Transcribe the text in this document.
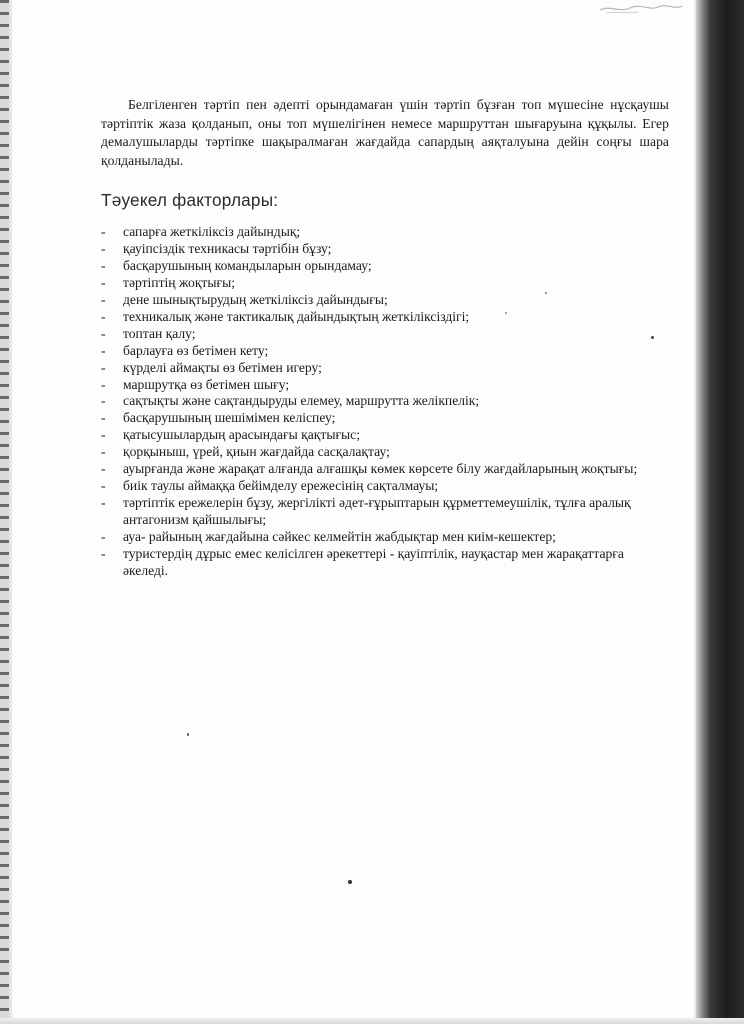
Белгіленген тәртіп пен әдепті орындамаған үшін тәртіп бұзған топ мүшесіне нұсқаушы тәртіптік жаза қолданып, оны топ мүшелігінен немесе маршруттан шығаруына құқылы. Егер демалушыларды тәртіпке шақыралмаған жағдайда сапардың аяқталуына дейін соңғы шара қолданылады.

Тәуекел факторлары:
- сапарға жеткіліксіз дайындық;
- қауіпсіздік техникасы тәртібін бұзу;
- басқарушының командыларын орындамау;
- тәртіптің жоқтығы;
- дене шынықтырудың жеткіліксіз дайындығы;
- техникалық және тактикалық дайындықтың жеткіліксіздігі;
- топтан қалу;
- барлауға өз бетімен кету;
- күрделі аймақты өз бетімен игеру;
- маршрутқа өз бетімен шығу;
- сақтықты және сақтандыруды елемеу, маршрутта желікпелік;
- басқарушының шешімімен келіспеу;
- қатысушылардың арасындағы қақтығыс;
- қорқыныш, үрей, қиын жағдайда сасқалақтау;
- ауырғанда және жарақат алғанда алғашқы көмек көрсете білу жағдайларының жоқтығы;
- биік таулы аймаққа бейімделу ережесінің сақталмауы;
- тәртіптік ережелерін бұзу, жергілікті әдет-ғұрыптарын құрметтемеушілік, тұлға аралық антагонизм қайшылығы;
- ауа- райының жағдайына сәйкес келмейтін жабдықтар мен киім-кешектер;
- туристердің дұрыс емес келісілген әрекеттері - қауіптілік, науқастар мен жарақаттарға әкеледі.
